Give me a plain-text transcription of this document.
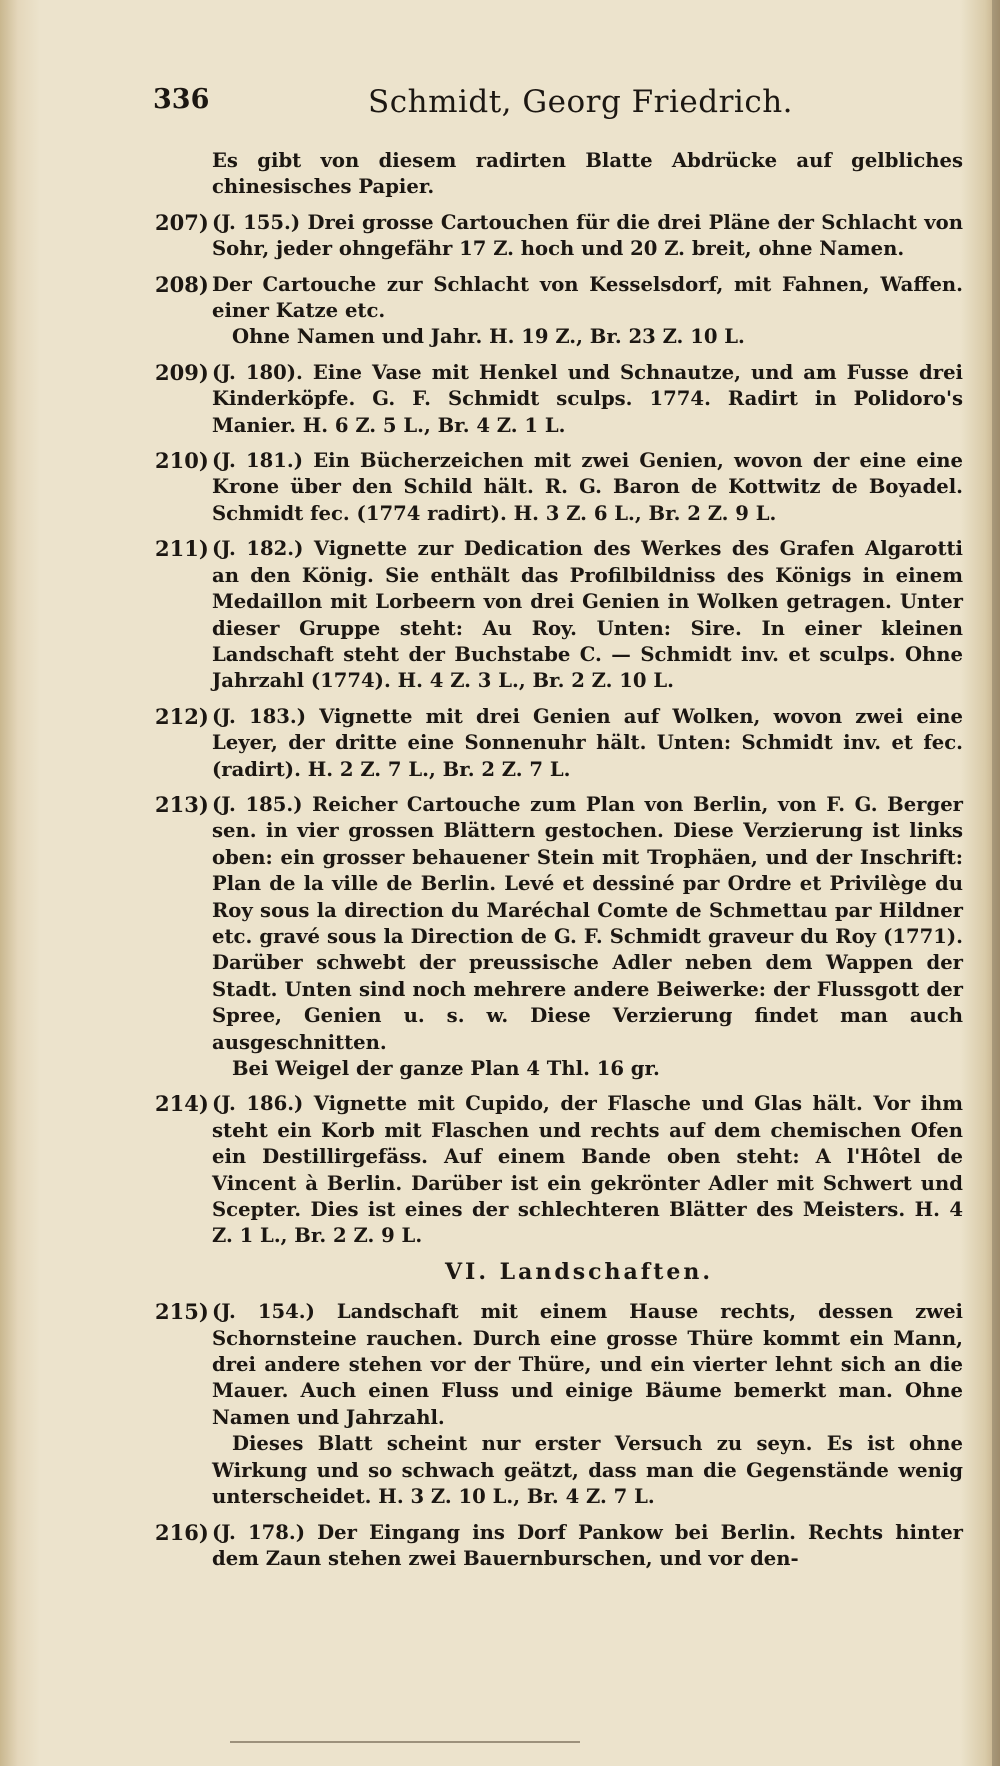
336	Schmidt, Georg Friedrich.
Es gibt von diesem radirten Blatte Abdrücke auf gelbliches chinesisches Papier.
207) (J. 155.) Drei grosse Cartouchen für die drei Pläne der Schlacht von Sohr, jeder ohngefähr 17 Z. hoch und 20 Z. breit, ohne Namen.
208) Der Cartouche zur Schlacht von Kesselsdorf, mit Fahnen, Waffen. einer Katze etc.

Ohne Namen und Jahr. H. 19 Z., Br. 23 Z. 10 L.

209) (J. 180). Eine Vase mit Henkel und Schnautze, und am Fusse drei Kinderköpfe. G. F. Schmidt sculps. 1774. Radirt in Polidoro's Manier. H. 6 Z. 5 L., Br. 4 Z. 1 L.
210) (J. 181.) Ein Bücherzeichen mit zwei Genien, wovon der eine eine Krone über den Schild hält. R. G. Baron de Kottwitz de Boyadel. Schmidt fec. (1774 radirt). H. 3 Z. 6 L., Br. 2 Z. 9 L.
211) (J. 182.) Vignette zur Dedication des Werkes des Grafen Algarotti an den König. Sie enthält das Profilbildniss des Königs in einem Medaillon mit Lorbeern von drei Genien in Wolken getragen. Unter dieser Gruppe steht: Au Roy. Unten: Sire. In einer kleinen Landschaft steht der Buchstabe C. — Schmidt inv. et sculps. Ohne Jahrzahl (1774). H. 4 Z. 3 L., Br. 2 Z. 10 L.
212) (J. 183.) Vignette mit drei Genien auf Wolken, wovon zwei eine Leyer, der dritte eine Sonnenuhr hält. Unten: Schmidt inv. et fec. (radirt). H. 2 Z. 7 L., Br. 2 Z. 7 L.
213) (J. 185.) Reicher Cartouche zum Plan von Berlin, von F. G. Berger sen. in vier grossen Blättern gestochen. Diese Verzierung ist links oben: ein grosser behauener Stein mit Trophäen, und der Inschrift: Plan de la ville de Berlin. Levé et dessiné par Ordre et Privilège du Roy sous la direction du Maréchal Comte de Schmettau par Hildner etc. gravé sous la Direction de G. F. Schmidt graveur du Roy (1771). Darüber schwebt der preussische Adler neben dem Wappen der Stadt. Unten sind noch mehrere andere Beiwerke: der Flussgott der Spree, Genien u. s. w. Diese Verzierung findet man auch ausgeschnitten.

Bei Weigel der ganze Plan 4 Thl. 16 gr.

214) (J. 186.) Vignette mit Cupido, der Flasche und Glas hält. Vor ihm steht ein Korb mit Flaschen und rechts auf dem chemischen Ofen ein Destillirgefäss. Auf einem Bande oben steht: A l'Hôtel de Vincent à Berlin. Darüber ist ein gekrönter Adler mit Schwert und Scepter. Dies ist eines der schlechteren Blätter des Meisters. H. 4 Z. 1 L., Br. 2 Z. 9 L.
VI. Landschaften.
215) (J. 154.) Landschaft mit einem Hause rechts, dessen zwei Schornsteine rauchen. Durch eine grosse Thüre kommt ein Mann, drei andere stehen vor der Thüre, und ein vierter lehnt sich an die Mauer. Auch einen Fluss und einige Bäume bemerkt man. Ohne Namen und Jahrzahl.

Dieses Blatt scheint nur erster Versuch zu seyn. Es ist ohne Wirkung und so schwach geätzt, dass man die Gegenstände wenig unterscheidet. H. 3 Z. 10 L., Br. 4 Z. 7 L.

216) (J. 178.) Der Eingang ins Dorf Pankow bei Berlin. Rechts hinter dem Zaun stehen zwei Bauernburschen, und vor den-
